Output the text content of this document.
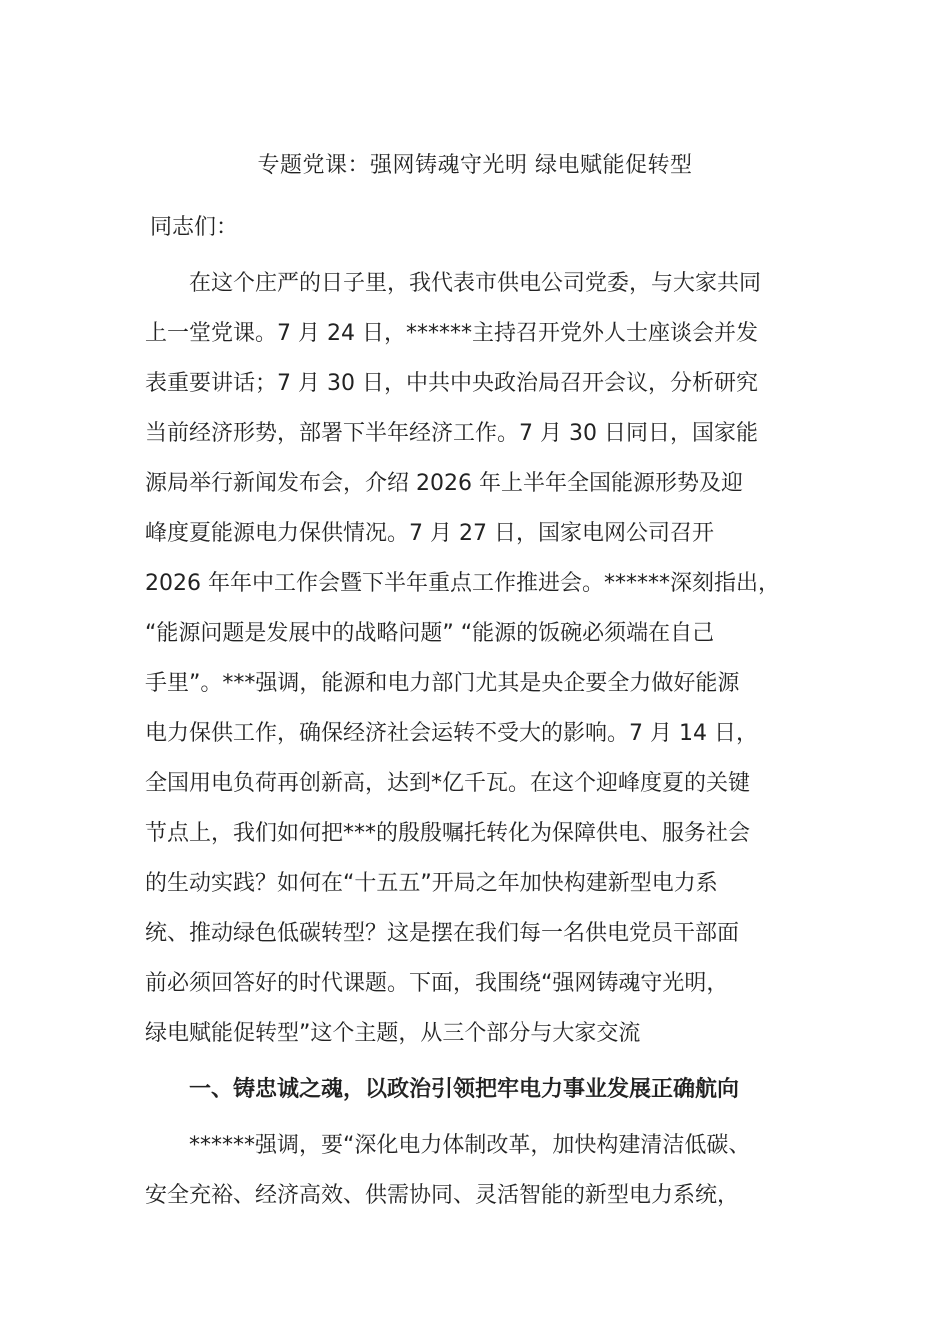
专题党课：强网铸魂守光明 绿电赋能促转型
同志们：
　　在这个庄严的日子里，我代表市供电公司党委，与大家共同
上一堂党课。7 月 24 日，******主持召开党外人士座谈会并发
表重要讲话；7 月 30 日，中共中央政治局召开会议，分析研究
当前经济形势，部署下半年经济工作。7 月 30 日同日，国家能
源局举行新闻发布会，介绍 2026 年上半年全国能源形势及迎
峰度夏能源电力保供情况。7 月 27 日，国家电网公司召开
2026 年年中工作会暨下半年重点工作推进会。******深刻指出，
“能源问题是发展中的战略问题” “能源的饭碗必须端在自己
手里”。***强调，能源和电力部门尤其是央企要全力做好能源
电力保供工作，确保经济社会运转不受大的影响。7 月 14 日，
全国用电负荷再创新高，达到*亿千瓦。在这个迎峰度夏的关键
节点上，我们如何把***的殷殷嘱托转化为保障供电、服务社会
的生动实践？如何在“十五五”开局之年加快构建新型电力系
统、推动绿色低碳转型？这是摆在我们每一名供电党员干部面
前必须回答好的时代课题。下面，我围绕“强网铸魂守光明，
绿电赋能促转型”这个主题，从三个部分与大家交流
　　一、铸忠诚之魂，以政治引领把牢电力事业发展正确航向
　　******强调，要“深化电力体制改革，加快构建清洁低碳、
安全充裕、经济高效、供需协同、灵活智能的新型电力系统，
